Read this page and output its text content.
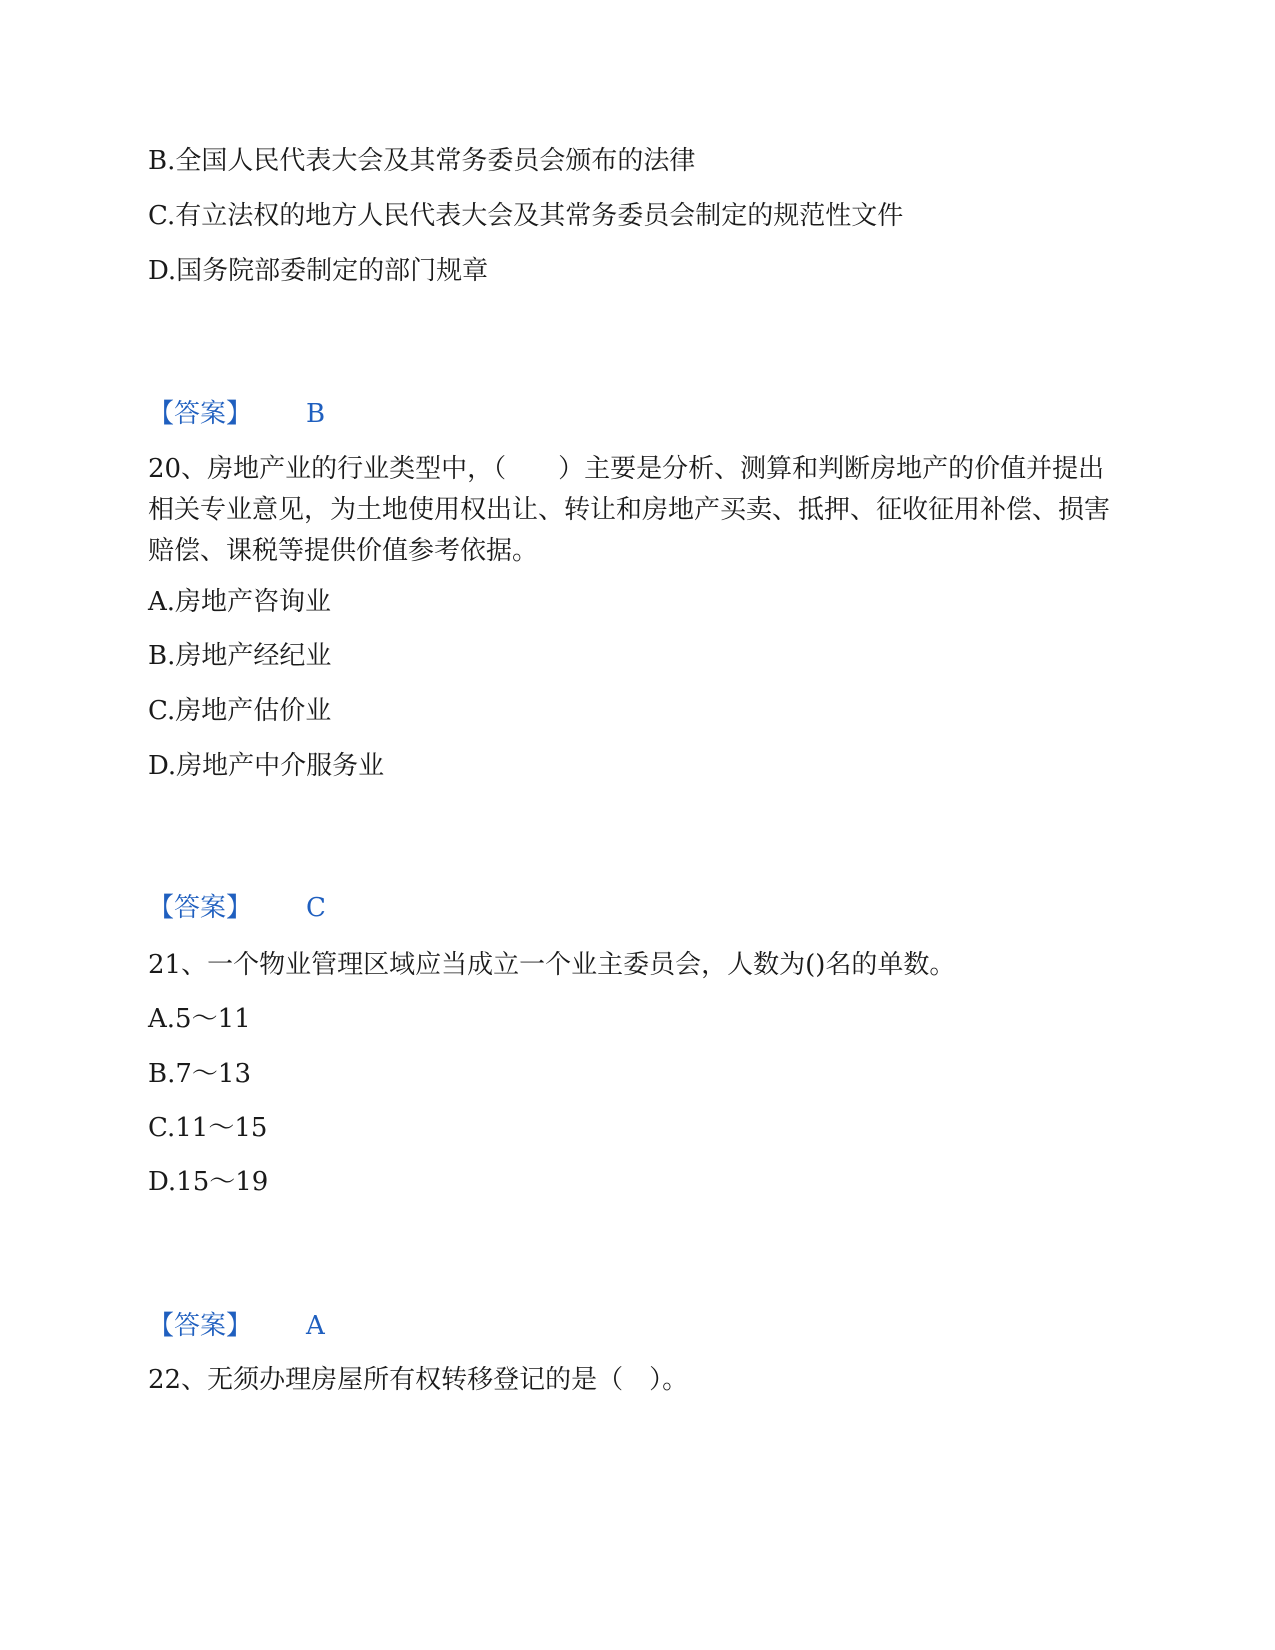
B.全国人民代表大会及其常务委员会颁布的法律
C.有立法权的地方人民代表大会及其常务委员会制定的规范性文件
D.国务院部委制定的部门规章
【答案】 B
20、房地产业的行业类型中，（　　）主要是分析、测算和判断房地产的价值并提出相关专业意见，为土地使用权出让、转让和房地产买卖、抵押、征收征用补偿、损害赔偿、课税等提供价值参考依据。
A.房地产咨询业
B.房地产经纪业
C.房地产估价业
D.房地产中介服务业
【答案】 C
21、一个物业管理区域应当成立一个业主委员会，人数为()名的单数。
A.5～11
B.7～13
C.11～15
D.15～19
【答案】 A
22、无须办理房屋所有权转移登记的是（　）。
